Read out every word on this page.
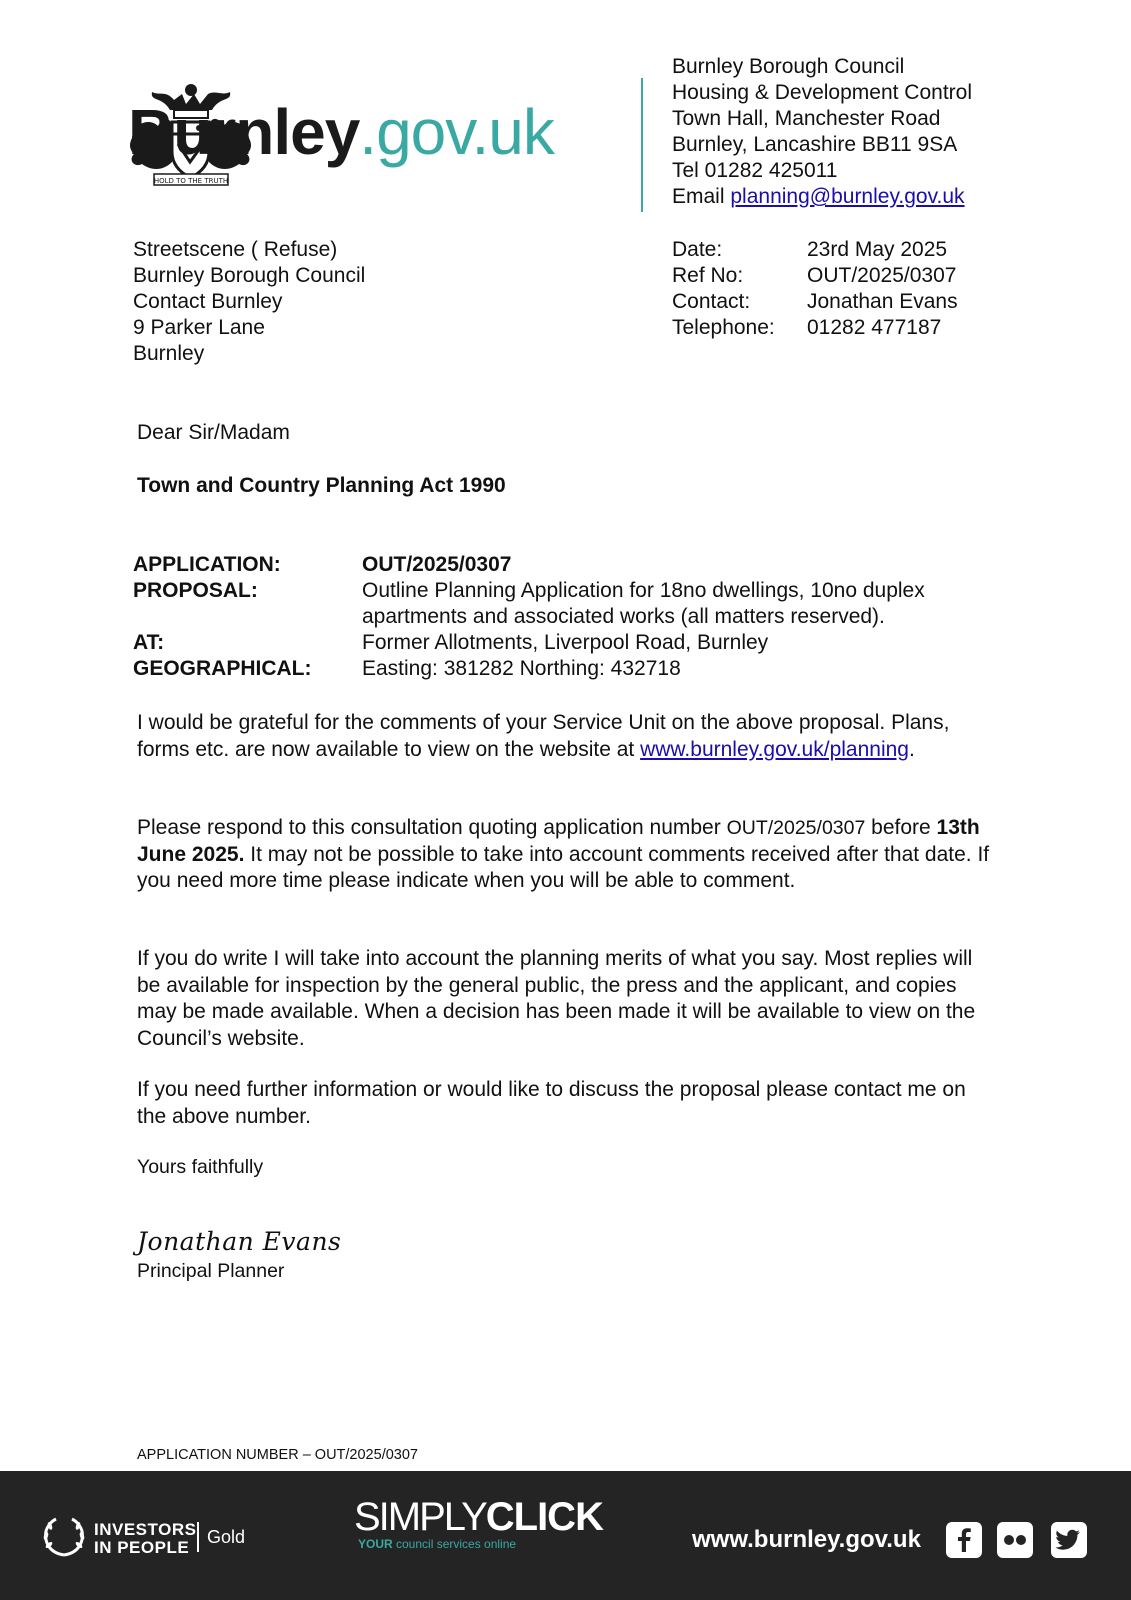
HOLD TO THE TRUTH
Burnley.gov.uk
Burnley Borough Council
Housing & Development Control
Town Hall, Manchester Road
Burnley, Lancashire BB11 9SA
Tel 01282 425011
Email planning@burnley.gov.uk
Streetscene ( Refuse)
Burnley Borough Council
Contact Burnley
9 Parker Lane
Burnley
Date:	23rd May 2025
Ref No:	OUT/2025/0307
Contact:	Jonathan Evans
Telephone:	01282 477187
Dear Sir/Madam
Town and Country Planning Act 1990
APPLICATION:	OUT/2025/0307
PROPOSAL:	Outline Planning Application for 18no dwellings, 10no duplex apartments and associated works (all matters reserved).
AT:	Former Allotments, Liverpool Road, Burnley
GEOGRAPHICAL:	Easting: 381282 Northing: 432718
I would be grateful for the comments of your Service Unit on the above proposal. Plans, forms etc. are now available to view on the website at www.burnley.gov.uk/planning.
Please respond to this consultation quoting application number OUT/2025/0307 before 13th June 2025. It may not be possible to take into account comments received after that date. If you need more time please indicate when you will be able to comment.
If you do write I will take into account the planning merits of what you say. Most replies will be available for inspection by the general public, the press and the applicant, and copies may be made available. When a decision has been made it will be available to view on the Council’s website.
If you need further information or would like to discuss the proposal please contact me on the above number.
Yours faithfully
Jonathan Evans
Principal Planner
APPLICATION NUMBER – OUT/2025/0307
INVESTORS
IN PEOPLE
Gold	SIMPLYCLICK
YOUR council services online	www.burnley.gov.uk
